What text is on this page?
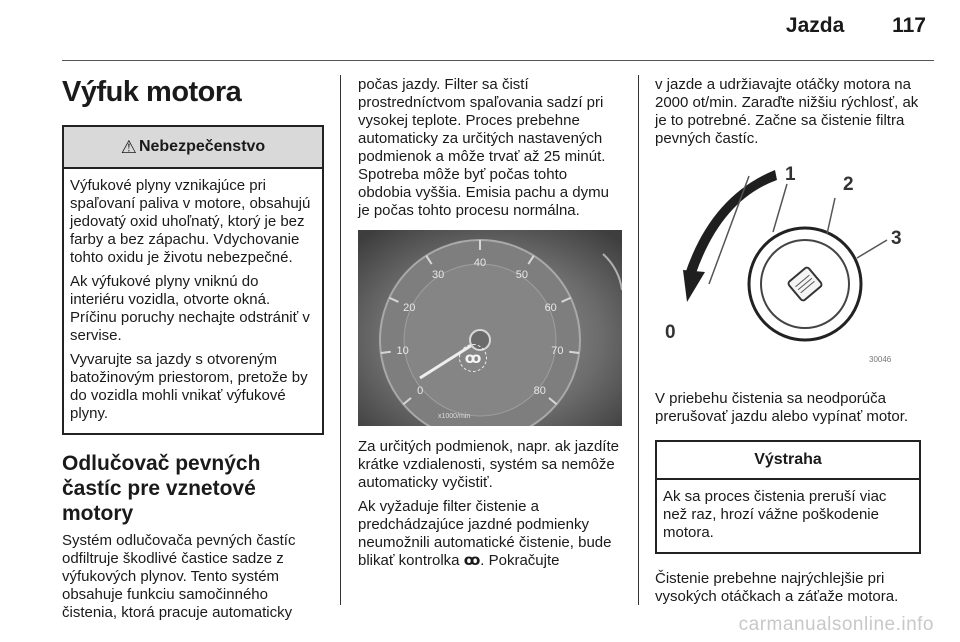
Jazda 117
Výfuk motora
⚠ Nebezpečenstvo

Výfukové plyny vznikajúce pri spaľovaní paliva v motore, obsahujú jedovatý oxid uhoľnatý, ktorý je bez farby a bez zápachu. Vdychovanie tohto oxidu je životu nebezpečné.

Ak výfukové plyny vniknú do interiéru vozidla, otvorte okná. Príčinu poruchy nechajte odstrániť v servise.

Vyvarujte sa jazdy s otvoreným batožinovým priestorom, pretože by do vozidla mohli vnikať výfukové plyny.

Odlučovač pevných častíc pre vznetové motory

Systém odlučovača pevných častíc odfiltruje škodlivé častice sadze z výfukových plynov. Tento systém obsahuje funkciu samočinného čistenia, ktorá pracuje automaticky

počas jazdy. Filter sa čistí prostredníctvom spaľovania sadzí pri vysokej teplote. Proces prebehne automaticky za určitých nastavených podmienok a môže trvať až 25 minút. Spotreba môže byť počas tohto obdobia vyššia. Emisia pachu a dymu je počas tohto procesu normálna.

0
10
20
30
40
50
60
70
80
x1000/min
ꝏ

Za určitých podmienok, napr. ak jazdíte krátke vzdialenosti, systém sa nemôže automaticky vyčistiť.

Ak vyžaduje filter čistenie a predchádzajúce jazdné podmienky neumožnili automatické čistenie, bude blikať kontrolka ꝏ. Pokračujte

v jazde a udržiavajte otáčky motora na 2000 ot/min. Zaraďte nižšiu rýchlosť, ak je to potrebné. Začne sa čistenie filtra pevných častíc.

0
1 2
3
30046

V priebehu čistenia sa neodporúča prerušovať jazdu alebo vypínať motor.

Výstraha

Ak sa proces čistenia preruší viac než raz, hrozí vážne poškodenie motora.

Čistenie prebehne najrýchlejšie pri vysokých otáčkach a záťaže motora.

carmanualsonline.info
